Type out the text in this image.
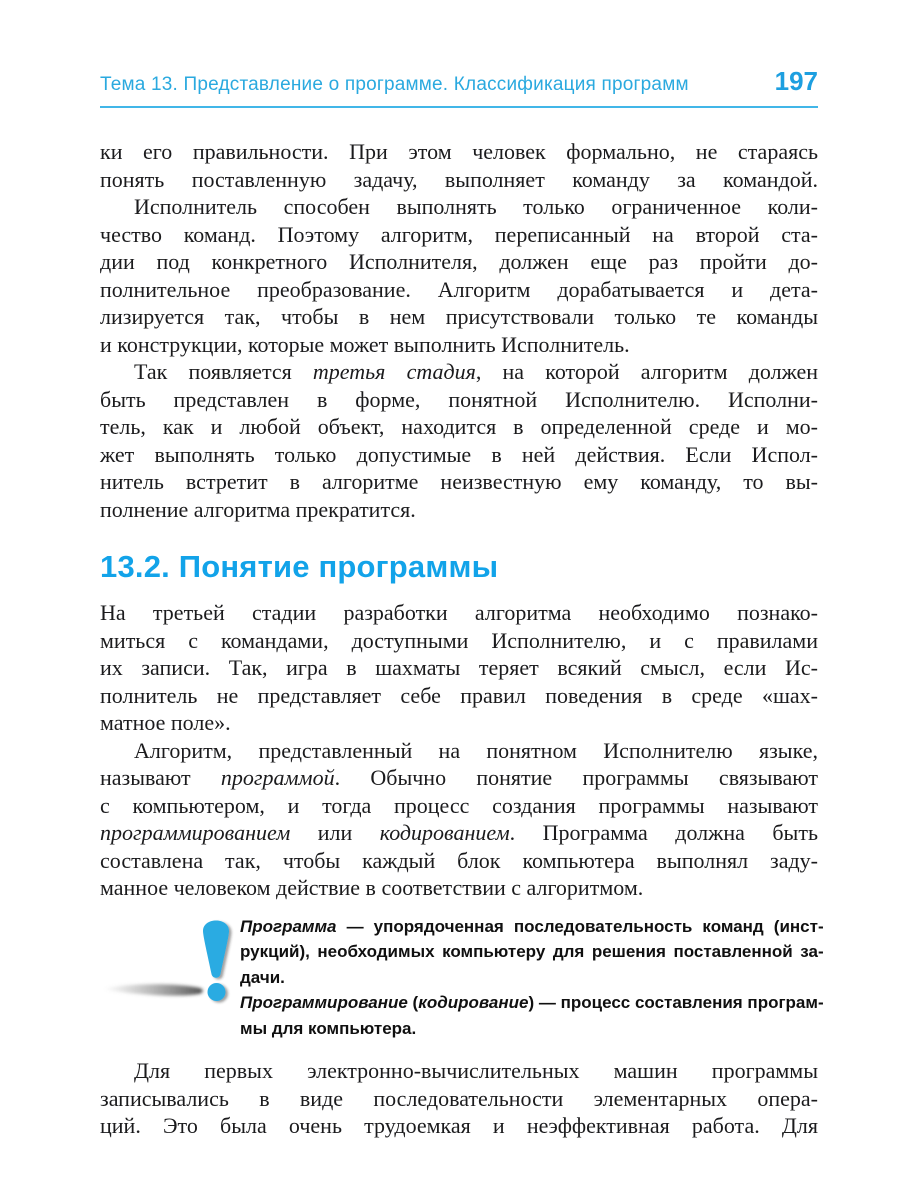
Тема 13. Представление о программе. Классификация программ	197
ки его правильности. При этом человек формально, не стараясь
понять поставленную задачу, выполняет команду за командой.
Исполнитель способен выполнять только ограниченное коли-
чество команд. Поэтому алгоритм, переписанный на второй ста-
дии под конкретного Исполнителя, должен еще раз пройти до-
полнительное преобразование. Алгоритм дорабатывается и дета-
лизируется так, чтобы в нем присутствовали только те команды
и конструкции, которые может выполнить Исполнитель.
Так появляется третья стадия, на которой алгоритм должен
быть представлен в форме, понятной Исполнителю. Исполни-
тель, как и любой объект, находится в определенной среде и мо-
жет выполнять только допустимые в ней действия. Если Испол-
нитель встретит в алгоритме неизвестную ему команду, то вы-
полнение алгоритма прекратится.
13.2. Понятие программы
На третьей стадии разработки алгоритма необходимо познако-
миться с командами, доступными Исполнителю, и с правилами
их записи. Так, игра в шахматы теряет всякий смысл, если Ис-
полнитель не представляет себе правил поведения в среде «шах-
матное поле».
Алгоритм, представленный на понятном Исполнителю языке,
называют программой. Обычно понятие программы связывают
с компьютером, и тогда процесс создания программы называют
программированием или кодированием. Программа должна быть
составлена так, чтобы каждый блок компьютера выполнял заду-
манное человеком действие в соответствии с алгоритмом.
Программа — упорядоченная последовательность команд (инст-
рукций), необходимых компьютеру для решения поставленной за-
дачи.
Программирование (кодирование) — процесс составления програм-
мы для компьютера.
Для первых электронно-вычислительных машин программы
записывались в виде последовательности элементарных опера-
ций. Это была очень трудоемкая и неэффективная работа. Для
